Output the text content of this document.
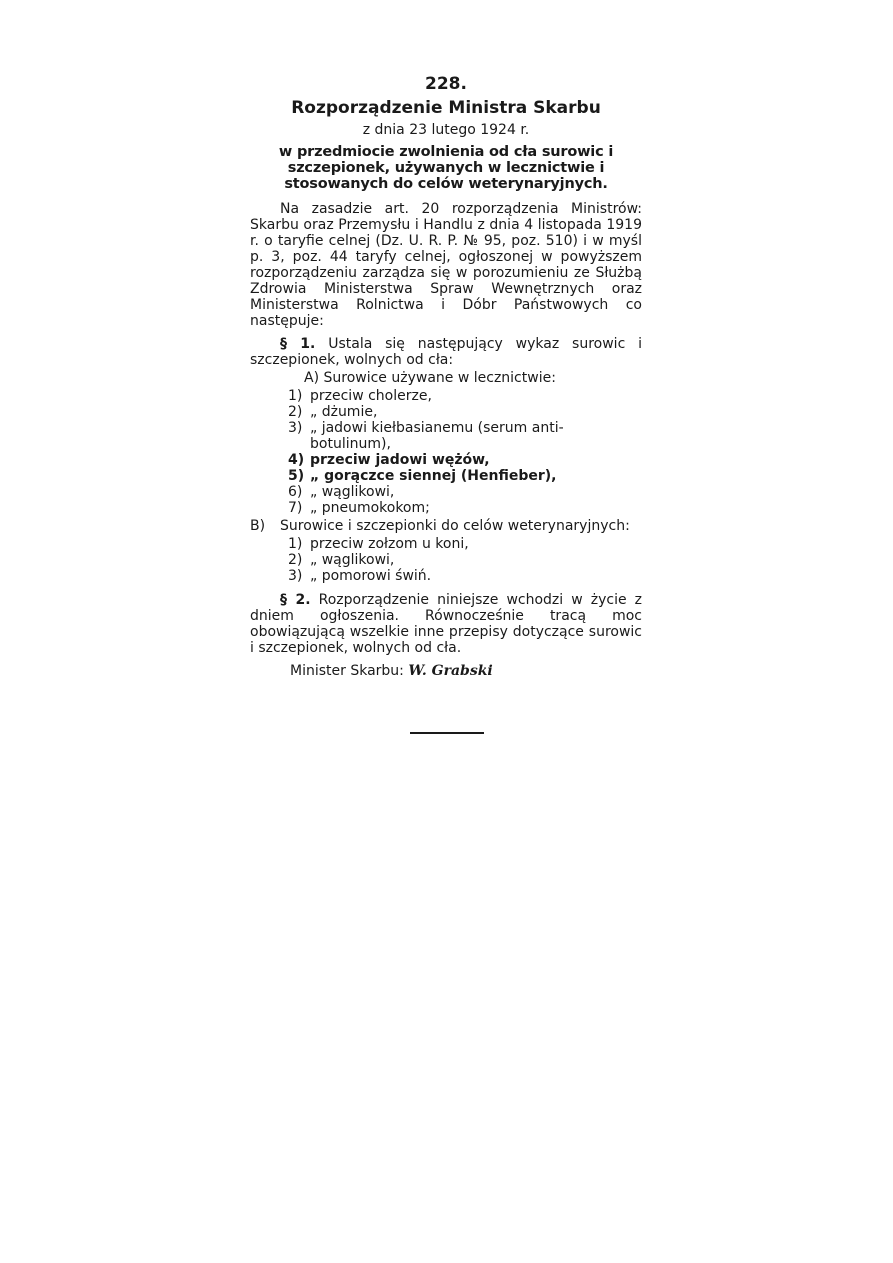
228.
Rozporządzenie Ministra Skarbu
z dnia 23 lutego 1924 r.
w przedmiocie zwolnienia od cła surowic i szczepionek, używanych w lecznictwie i stosowanych do celów weterynaryjnych.

Na zasadzie art. 20 rozporządzenia Ministrów: Skarbu oraz Przemysłu i Handlu z dnia 4 listopada 1919 r. o taryfie celnej (Dz. U. R. P. № 95, poz. 510) i w myśl p. 3, poz. 44 taryfy celnej, ogłoszonej w powyższem rozporządzeniu zarządza się w porozumieniu ze Służbą Zdrowia Ministerstwa Spraw Wewnętrznych oraz Ministerstwa Rolnictwa i Dóbr Państwowych co następuje:

§ 1. Ustala się następujący wykaz surowic i szczepionek, wolnych od cła:

A) Surowice używane w lecznictwie:
1) przeciw cholerze,
2) „ dżumie,
3) „ jadowi kiełbasianemu (serum anti-botulinum),
4) przeciw jadowi wężów,
5) „ gorączce siennej (Henfieber),
6) „ wąglikowi,
7) „ pneumokokom;
B)	Surowice i szczepionki do celów weterynaryjnych:
1) przeciw zołzom u koni,
2) „ wąglikowi,
3) „ pomorowi świń.

§ 2. Rozporządzenie niniejsze wchodzi w życie z dniem ogłoszenia. Równocześnie tracą moc obowiązującą wszelkie inne przepisy dotyczące surowic i szczepionek, wolnych od cła.

Minister Skarbu: W. Grabski
